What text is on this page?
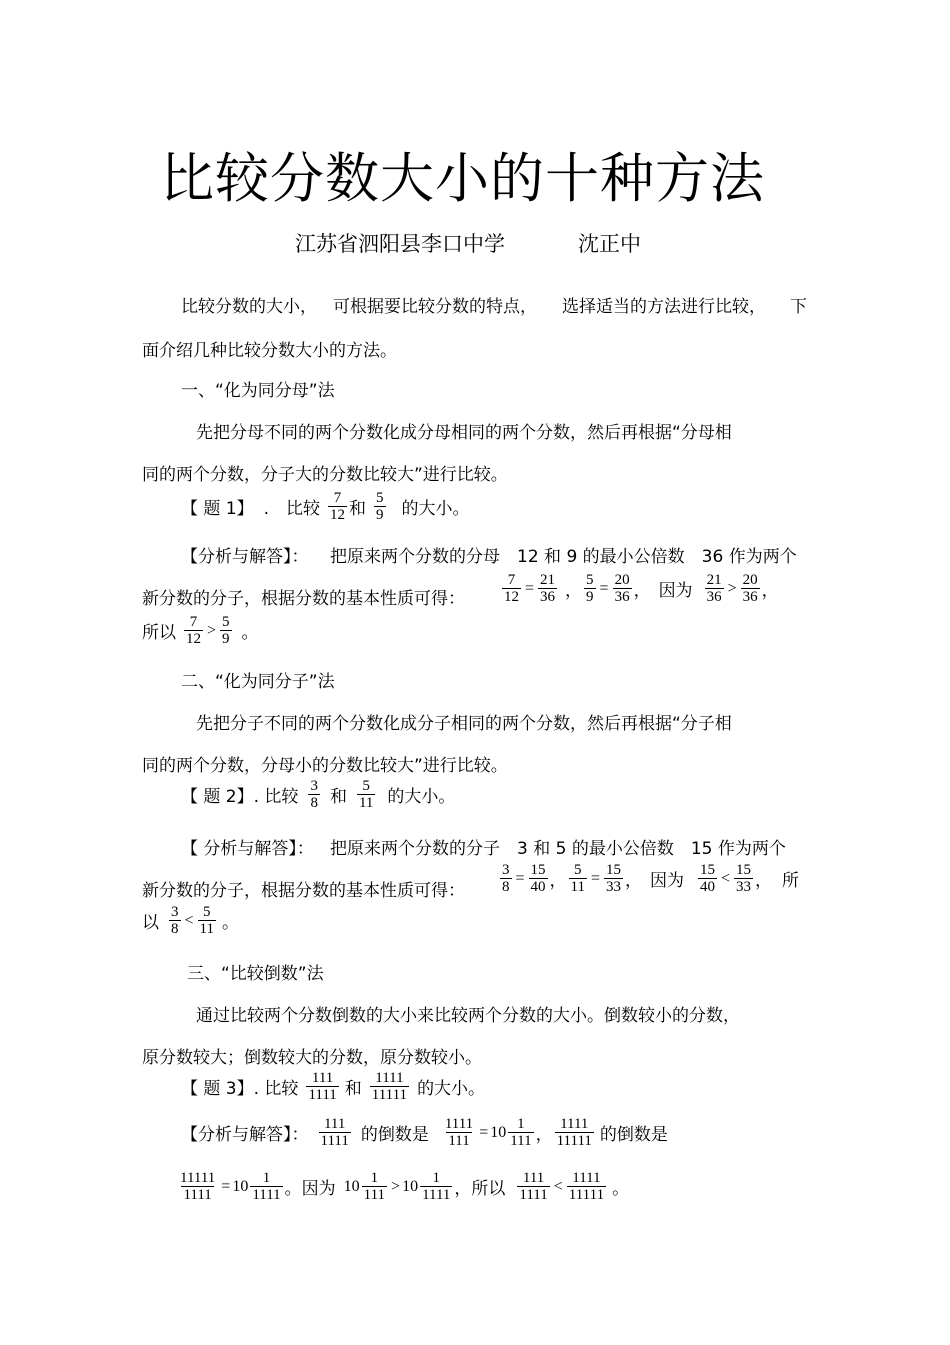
比较分数大小的十种方法
江苏省泗阳县李口中学	沈正中
比较分数的大小， 可根据要比较分数的特点， 选择适当的方法进行比较， 下
面介绍几种比较分数大小的方法。
一、“化为同分母”法
先把分母不同的两个分数化成分母相同的两个分数，然后再根据“分母相
同的两个分数，分子大的分数比较大”进行比较。
【 题 1】 .　比较 $\frac{7}{12}$ 和 $\frac{5}{9}$ 的大小。
【分析与解答】： 把原来两个分数的分母　12 和 9 的最小公倍数　36 作为两个
新分数的分子，根据分数的基本性质可得： $\frac{7}{12} = \frac{21}{36}$ ， $\frac{5}{9} = \frac{20}{36}$ ， 因为 $\frac{21}{36} > \frac{20}{36}$ ，
所以 $\frac{7}{12} > \frac{5}{9}$ 。
二、“化为同分子”法
先把分子不同的两个分数化成分子相同的两个分数，然后再根据“分子相
同的两个分数，分母小的分数比较大”进行比较。
【 题 2】 . 比较 $\frac{3}{8}$ 和 $\frac{5}{11}$ 的大小。
【 分析与解答】： 把原来两个分数的分子　3 和 5 的最小公倍数　15 作为两个
新分数的分子，根据分数的基本性质可得： $\frac{3}{8} = \frac{15}{40}$ ， $\frac{5}{11} = \frac{15}{33}$ ， 因为 $\frac{15}{40} < \frac{15}{33}$ ， 所
以 $\frac{3}{8} < \frac{5}{11}$ 。
三、“比较倒数”法
通过比较两个分数倒数的大小来比较两个分数的大小。倒数较小的分数，
原分数较大；倒数较大的分数，原分数较小。
【 题 3】 . 比较 $\frac{111}{1111}$ 和 $\frac{1111}{11111}$ 的大小。
【分析与解答】： $\frac{111}{1111}$ 的倒数是 $\frac{1111}{111} = 10 \frac{1}{111}$ ， $\frac{1111}{11111}$ 的倒数是
$\frac{11111}{1111} = 10 \frac{1}{1111}$ 。因为 $10 \frac{1}{111} > 10 \frac{1}{1111}$ ，所以 $\frac{111}{1111} < \frac{1111}{11111}$ 。
